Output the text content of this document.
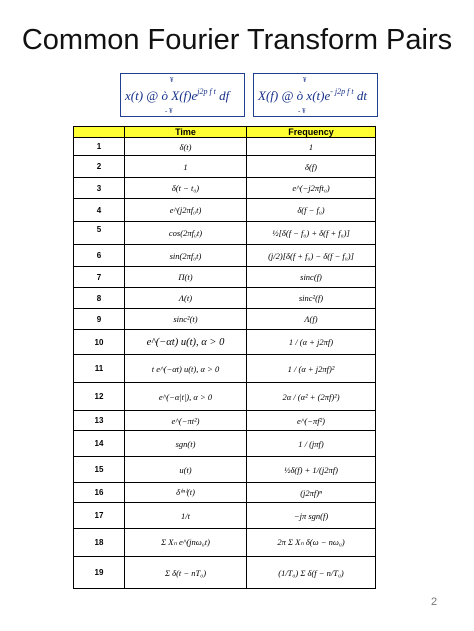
Common Fourier Transform Pairs
¥
- ¥
x(t) @ ò $X(f)e^{j2p f t}$ df
¥
- ¥
X(f) @ ò $x(t)e^{- j2p f t}$ dt
	Time	Frequency
1	δ(t)	1
2	1	δ(f)
3	δ(t − t₀)	e^(−j2πft₀)
4	e^(j2πf₀t)	δ(f − f₀)
5	cos(2πf₀t)	½[δ(f − f₀) + δ(f + f₀)]
6	sin(2πf₀t)	(j/2)[δ(f + f₀) − δ(f − f₀)]
7	Π(t)	sinc(f)
8	Λ(t)	sinc²(f)
9	sinc²(t)	Λ(f)
10	e^(−αt) u(t), α > 0	1 / (α + j2πf)
11	t e^(−αt) u(t), α > 0	1 / (α + j2πf)²
12	e^(−α|t|), α > 0	2α / (α² + (2πf)²)
13	e^(−πt²)	e^(−πf²)
14	sgn(t)	1 / (jπf)
15	u(t)	½δ(f) + 1/(j2πf)
16	δ⁽ⁿ⁾(t)	(j2πf)ⁿ
17	1/t	−jπ sgn(f)
18	Σ Xₙ e^(jnω₀t)	2π Σ Xₙ δ(ω − nω₀)
19	Σ δ(t − nT₀)	(1/T₀) Σ δ(f − n/T₀)
2
